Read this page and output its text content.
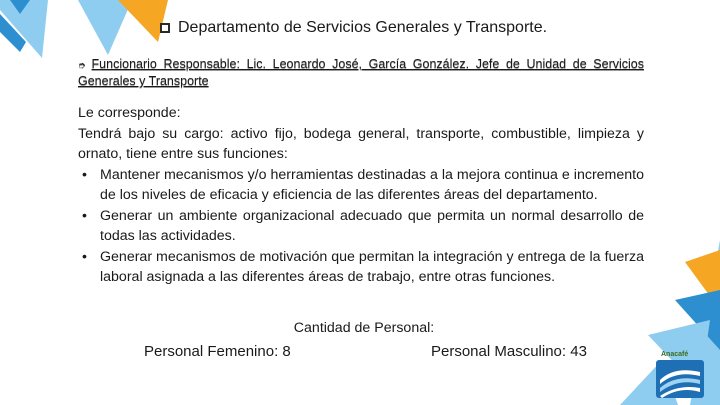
Departamento de Servicios Generales y Transporte.
➮ Funcionario Responsable: Lic. Leonardo José, García González. Jefe de Unidad de Servicios Generales y Transporte

Le corresponde:

Tendrá bajo su cargo: activo fijo, bodega general, transporte, combustible, limpieza y ornato, tiene entre sus funciones:

• Mantener mecanismos y/o herramientas destinadas a la mejora continua e incremento de los niveles de eficacia y eficiencia de las diferentes áreas del departamento.
• Generar un ambiente organizacional adecuado que permita un normal desarrollo de todas las actividades.
• Generar mecanismos de motivación que permitan la integración y entrega de la fuerza laboral asignada a las diferentes áreas de trabajo, entre otras funciones.
Cantidad de Personal:
Personal Femenino: 8	Personal Masculino: 43	Anacafé
